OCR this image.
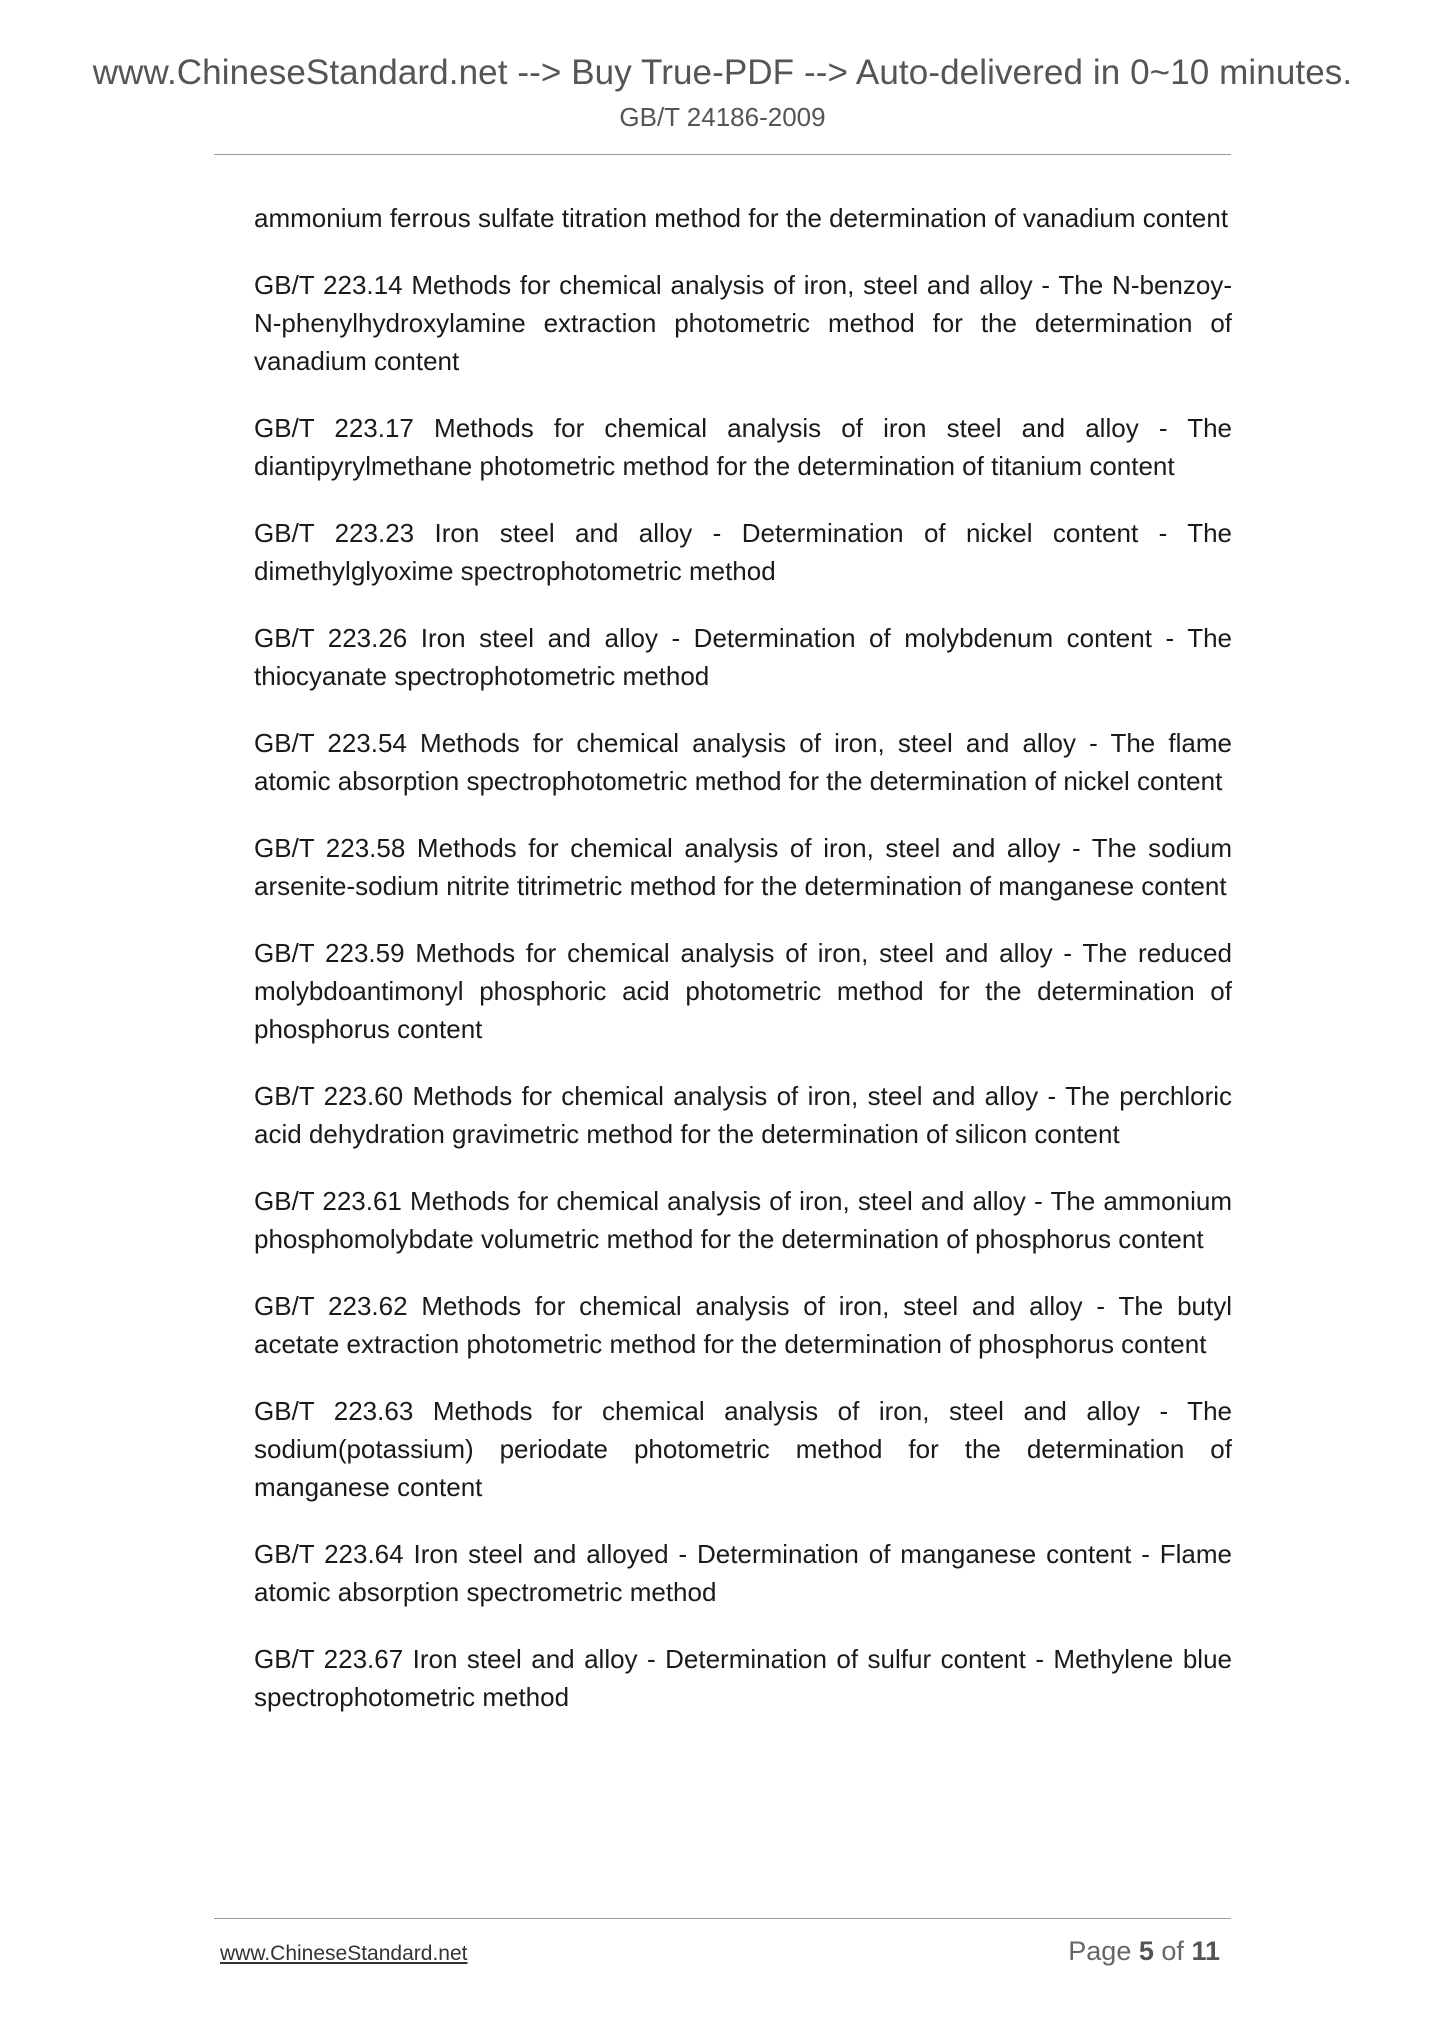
www.ChineseStandard.net --> Buy True-PDF --> Auto-delivered in 0~10 minutes.
GB/T 24186-2009

ammonium ferrous sulfate titration method for the determination of vanadium content

GB/T 223.14 Methods for chemical analysis of iron, steel and alloy - The N-benzoy-N-phenylhydroxylamine extraction photometric method for the determination of vanadium content

GB/T 223.17 Methods for chemical analysis of iron steel and alloy - The diantipyrylmethane photometric method for the determination of titanium content

GB/T 223.23 Iron steel and alloy - Determination of nickel content - The dimethylglyoxime spectrophotometric method

GB/T 223.26 Iron steel and alloy - Determination of molybdenum content - The thiocyanate spectrophotometric method

GB/T 223.54 Methods for chemical analysis of iron, steel and alloy - The flame atomic absorption spectrophotometric method for the determination of nickel content

GB/T 223.58 Methods for chemical analysis of iron, steel and alloy - The sodium arsenite-sodium nitrite titrimetric method for the determination of manganese content

GB/T 223.59 Methods for chemical analysis of iron, steel and alloy - The reduced molybdoantimonyl phosphoric acid photometric method for the determination of phosphorus content

GB/T 223.60 Methods for chemical analysis of iron, steel and alloy - The perchloric acid dehydration gravimetric method for the determination of silicon content

GB/T 223.61 Methods for chemical analysis of iron, steel and alloy - The ammonium phosphomolybdate volumetric method for the determination of phosphorus content

GB/T 223.62 Methods for chemical analysis of iron, steel and alloy - The butyl acetate extraction photometric method for the determination of phosphorus content

GB/T 223.63 Methods for chemical analysis of iron, steel and alloy - The sodium(potassium) periodate photometric method for the determination of manganese content

GB/T 223.64 Iron steel and alloyed - Determination of manganese content - Flame atomic absorption spectrometric method

GB/T 223.67 Iron steel and alloy - Determination of sulfur content - Methylene blue spectrophotometric method

www.ChineseStandard.net	Page 5 of 11
